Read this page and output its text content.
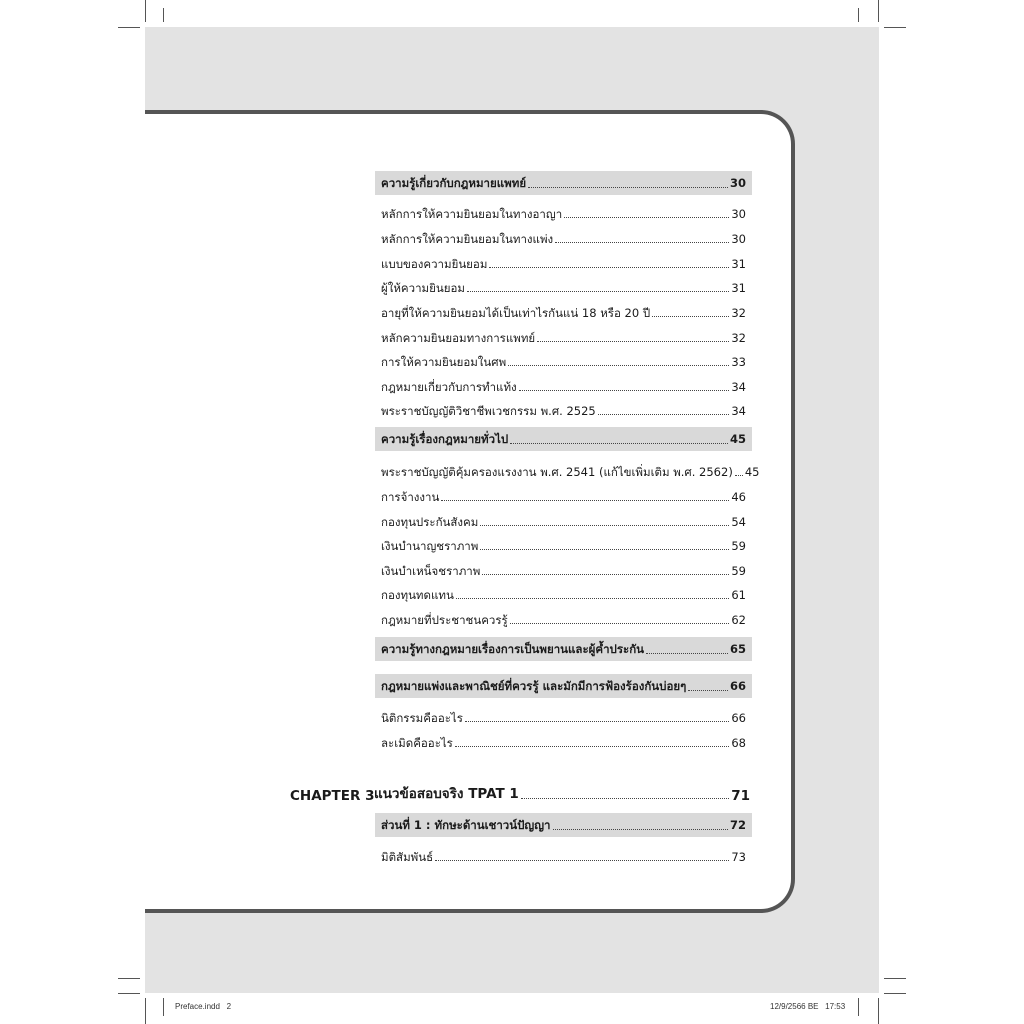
ความรู้เกี่ยวกับกฎหมายแพทย์	30
หลักการให้ความยินยอมในทางอาญา	30
หลักการให้ความยินยอมในทางแพ่ง	30
แบบของความยินยอม	31
ผู้ให้ความยินยอม	31
อายุที่ให้ความยินยอมได้เป็นเท่าไรกันแน่ 18 หรือ 20 ปี	32
หลักความยินยอมทางการแพทย์	32
การให้ความยินยอมในศพ	33
กฎหมายเกี่ยวกับการทำแท้ง	34
พระราชบัญญัติวิชาชีพเวชกรรม พ.ศ. 2525	34
ความรู้เรื่องกฎหมายทั่วไป	45
พระราชบัญญัติคุ้มครองแรงงาน พ.ศ. 2541 (แก้ไขเพิ่มเติม พ.ศ. 2562) 45
การจ้างงาน	46
กองทุนประกันสังคม	54
เงินบำนาญชราภาพ	59
เงินบำเหน็จชราภาพ	59
กองทุนทดแทน	61
กฎหมายที่ประชาชนควรรู้	62
ความรู้ทางกฎหมายเรื่องการเป็นพยานและผู้ค้ำประกัน	65
กฎหมายแพ่งและพาณิชย์ที่ควรรู้ และมักมีการฟ้องร้องกันบ่อยๆ	66
นิติกรรมคืออะไร	66
ละเมิดคืออะไร	68
CHAPTER 3 แนวข้อสอบจริง TPAT 1	71
ส่วนที่ 1 : ทักษะด้านเชาวน์ปัญญา	72
มิติสัมพันธ์	73
Preface.indd   2	12/9/2566 BE   17:53
